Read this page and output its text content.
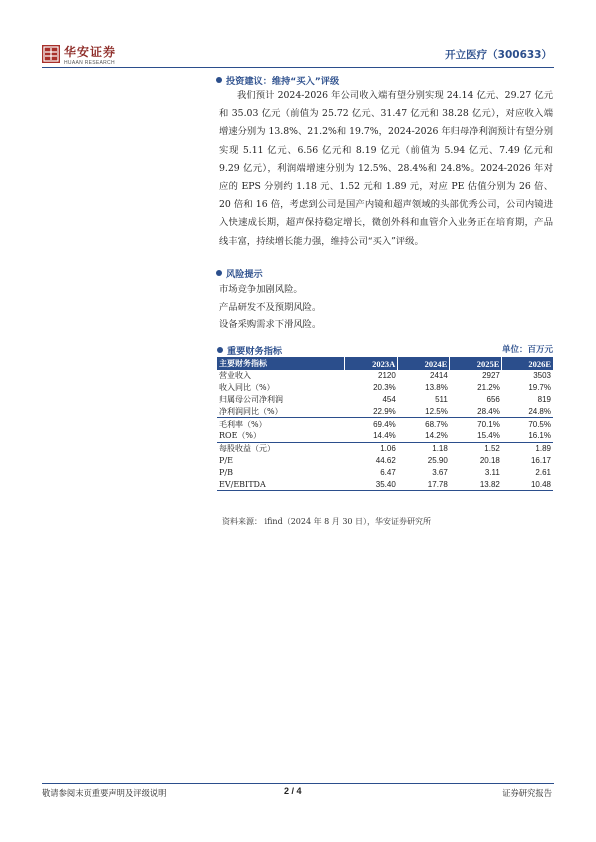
华安证券
HUAAN RESEARCH
开立医疗（300633）
投资建议：维持“买入”评级

我们预计 2024-2026 年公司收入端有望分别实现 24.14 亿元、29.27 亿元和 35.03 亿元（前值为 25.72 亿元、31.47 亿元和 38.28 亿元），对应收入端增速分别为 13.8%、21.2%和 19.7%，2024-2026 年归母净利润预计有望分别实现 5.11 亿元、6.56 亿元和 8.19 亿元（前值为 5.94 亿元、7.49 亿元和 9.29 亿元），利润端增速分别为 12.5%、28.4%和 24.8%。2024-2026 年对应的 EPS 分别约 1.18 元、1.52 元和 1.89 元，对应 PE 估值分别为 26 倍、20 倍和 16 倍，考虑到公司是国产内镜和超声领域的头部优秀公司，公司内镜进入快速成长期，超声保持稳定增长，微创外科和血管介入业务正在培育期，产品线丰富，持续增长能力强，维持公司“买入”评级。

风险提示
市场竞争加剧风险。
产品研发不及预期风险。
设备采购需求下滑风险。
重要财务指标	单位：百万元
主要财务指标	2023A	2024E	2025E	2026E
营业收入	2120	2414	2927	3503
收入同比（%）	20.3%	13.8%	21.2%	19.7%
归属母公司净利润	454	511	656	819
净利润同比（%）	22.9%	12.5%	28.4%	24.8%
毛利率（%）	69.4%	68.7%	70.1%	70.5%
ROE（%）	14.4%	14.2%	15.4%	16.1%
每股收益（元）	1.06	1.18	1.52	1.89
P/E	44.62	25.90	20.18	16.17
P/B	6.47	3.67	3.11	2.61
EV/EBITDA	35.40	17.78	13.82	10.48
资料来源： ifind（2024 年 8 月 30 日），华安证券研究所
敬请参阅末页重要声明及评级说明	2 / 4	证券研究报告
